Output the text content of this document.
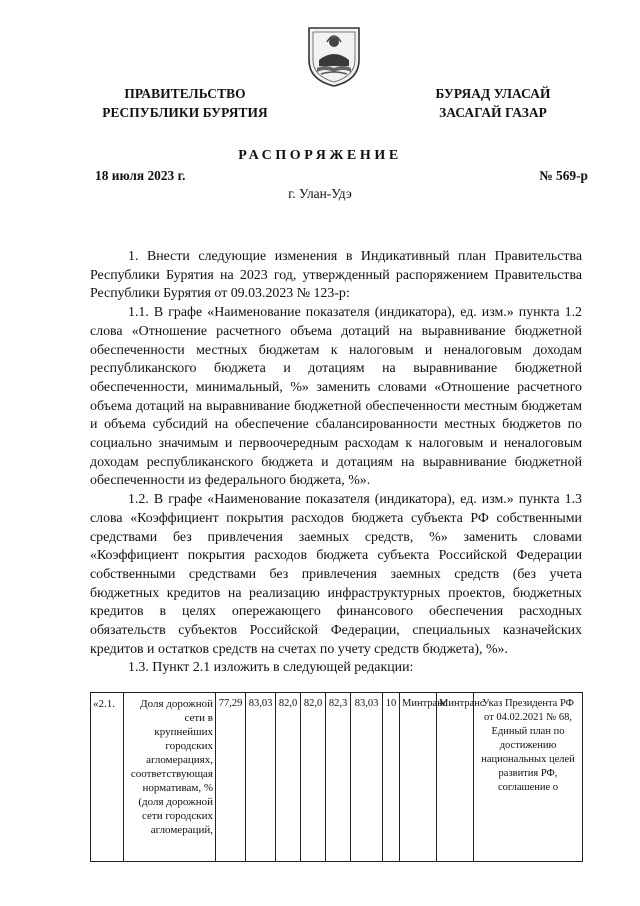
ПРАВИТЕЛЬСТВО
РЕСПУБЛИКИ БУРЯТИЯ
БУРЯАД УЛАСАЙ
ЗАСАГАЙ ГАЗАР
РАСПОРЯЖЕНИЕ
18 июля 2023 г.	№ 569-р
г. Улан-Удэ

1. Внести следующие изменения в Индикативный план Правительства Республики Бурятия на 2023 год, утвержденный распоряжением Правительства Республики Бурятия от 09.03.2023 № 123-р:

1.1. В графе «Наименование показателя (индикатора), ед. изм.» пункта 1.2 слова «Отношение расчетного объема дотаций на выравнивание бюджетной обеспеченности местных бюджетам к налоговым и неналоговым доходам республиканского бюджета и дотациям на выравнивание бюджетной обеспеченности, минимальный, %» заменить словами «Отношение расчетного объема дотаций на выравнивание бюджетной обеспеченности местным бюджетам и объема субсидий на обеспечение сбалансированности местных бюджетов по социально значимым и первоочередным расходам к налоговым и неналоговым доходам республиканского бюджета и дотациям на выравнивание бюджетной обеспеченности из федерального бюджета, %».

1.2. В графе «Наименование показателя (индикатора), ед. изм.» пункта 1.3 слова «Коэффициент покрытия расходов бюджета субъекта РФ собственными средствами без привлечения заемных средств, %» заменить словами «Коэффициент покрытия расходов бюджета субъекта Российской Федерации собственными средствами без привлечения заемных средств (без учета бюджетных кредитов на реализацию инфраструктурных проектов, бюджетных кредитов в целях опережающего финансового обеспечения расходных обязательств субъектов Российской Федерации, специальных казначейских кредитов и остатков средств на счетах по учету средств бюджета), %».

1.3. Пункт 2.1 изложить в следующей редакции:

«2.1.	Доля дорожной сети в крупнейших городских агломерациях, соответствующая нормативам, % (доля дорожной сети городских агломераций,	77,29	83,03	82,0	82,0	82,3	83,03	10	Минтранс	Минтранс	Указ Президента РФ от 04.02.2021 № 68, Единый план по достижению национальных целей развития РФ, соглашение о
